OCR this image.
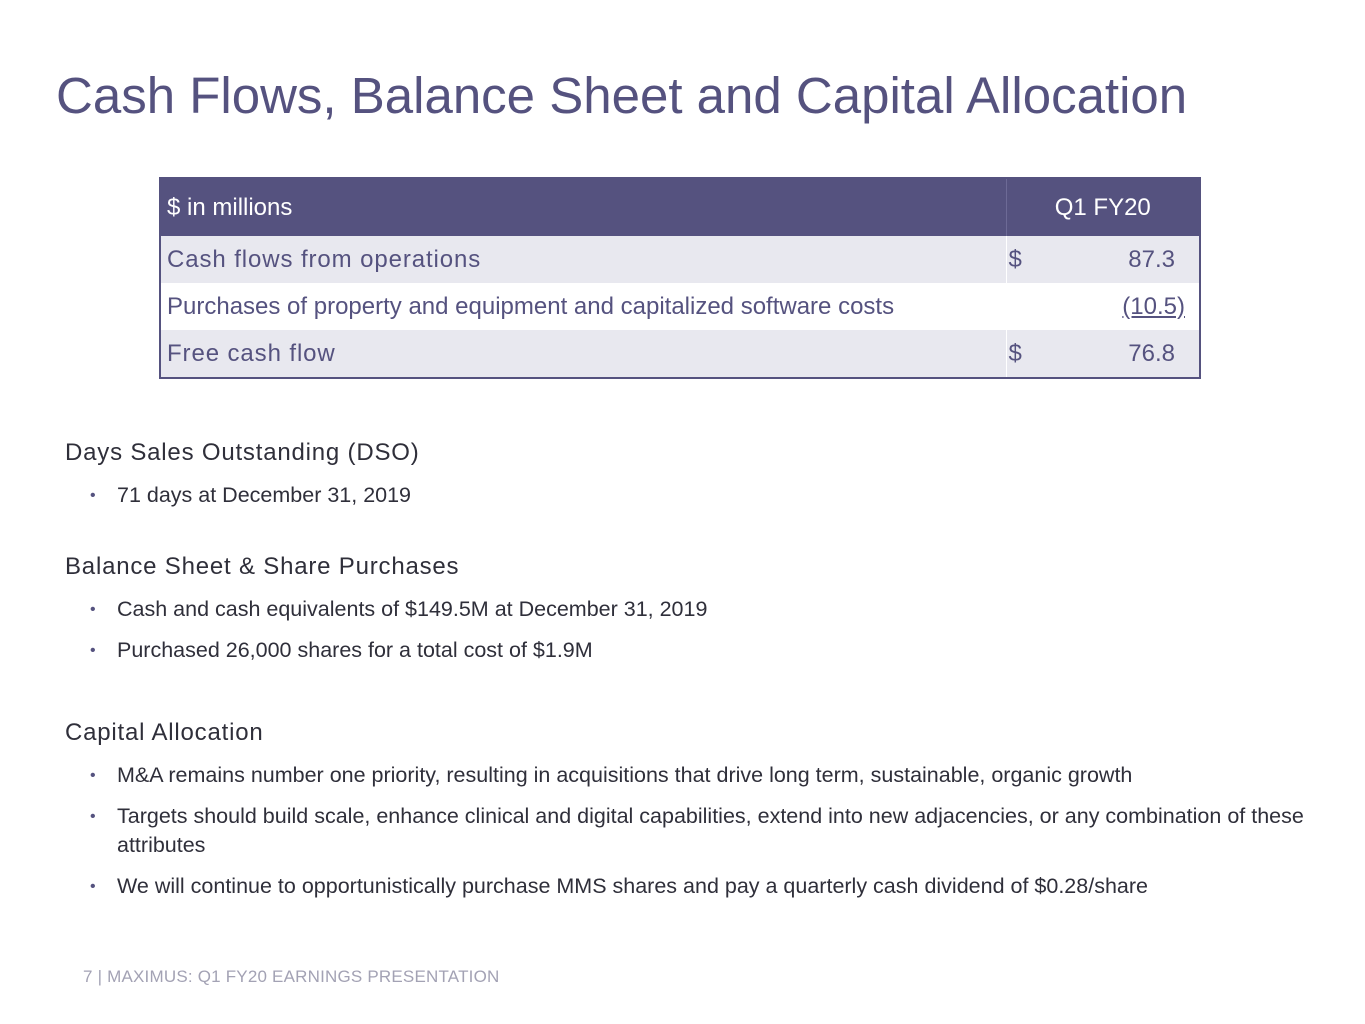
Cash Flows, Balance Sheet and Capital Allocation
$ in millions	Q1 FY20
Cash flows from operations	$ 87.3

Purchases of property and equipment and capitalized software costs	(10.5)

Free cash flow	$ 76.8
Days Sales Outstanding (DSO)
• 71 days at December 31, 2019
Balance Sheet & Share Purchases
• Cash and cash equivalents of $149.5M at December 31, 2019
• Purchased 26,000 shares for a total cost of $1.9M
Capital Allocation
• M&A remains number one priority, resulting in acquisitions that drive long term, sustainable, organic growth
• Targets should build scale, enhance clinical and digital capabilities, extend into new adjacencies, or any combination of these attributes
• We will continue to opportunistically purchase MMS shares and pay a quarterly cash dividend of $0.28/share
7 | MAXIMUS: Q1 FY20 EARNINGS PRESENTATION
